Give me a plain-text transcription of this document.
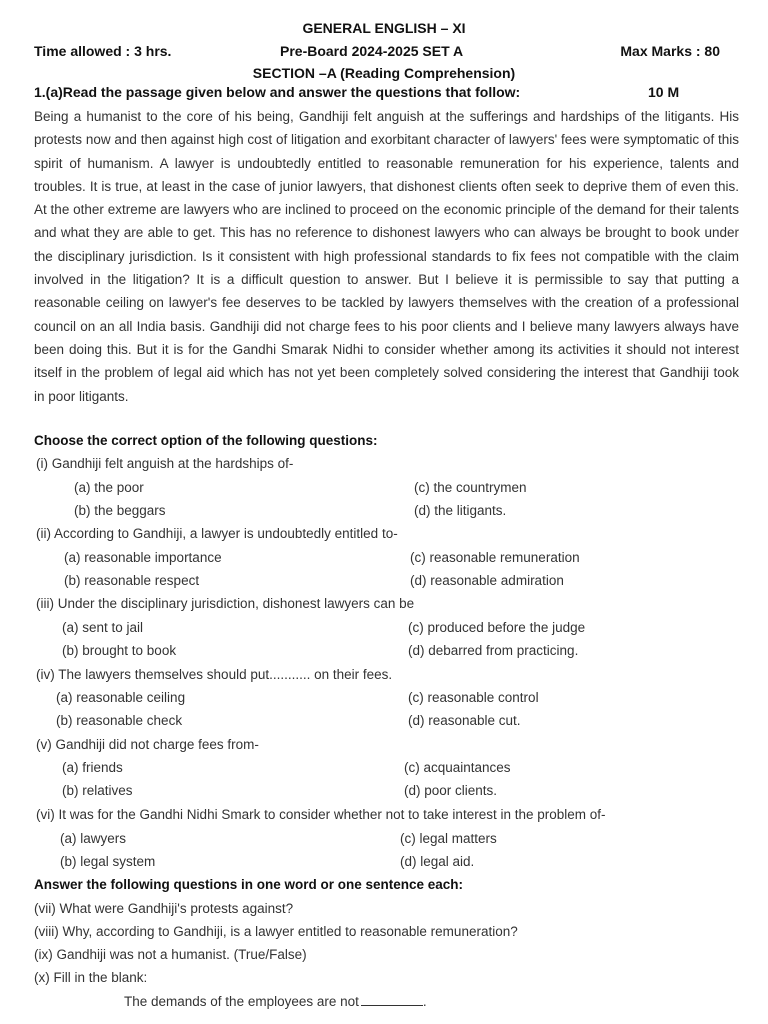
GENERAL ENGLISH – XI
Time allowed : 3 hrs.	Pre-Board 2024-2025 SET A	Max Marks : 80
SECTION –A (Reading Comprehension)
1.(a)Read the passage given below and answer the questions that follow:	10 M

Being a humanist to the core of his being, Gandhiji felt anguish at the sufferings and hardships of the litigants. His protests now and then against high cost of litigation and exorbitant character of lawyers' fees were symptomatic of this spirit of humanism. A lawyer is undoubtedly entitled to reasonable remuneration for his experience, talents and troubles. It is true, at least in the case of junior lawyers, that dishonest clients often seek to deprive them of even this. At the other extreme are lawyers who are inclined to proceed on the economic principle of the demand for their talents and what they are able to get. This has no reference to dishonest lawyers who can always be brought to book under the disciplinary jurisdiction. Is it consistent with high professional standards to fix fees not compatible with the claim involved in the litigation? It is a difficult question to answer. But I believe it is permissible to say that putting a reasonable ceiling on lawyer's fee deserves to be tackled by lawyers themselves with the creation of a professional council on an all India basis. Gandhiji did not charge fees to his poor clients and I believe many lawyers always have been doing this. But it is for the Gandhi Smarak Nidhi to consider whether among its activities it should not interest itself in the problem of legal aid which has not yet been completely solved considering the interest that Gandhiji took in poor litigants.

Choose the correct option of the following questions:
(i) Gandhiji felt anguish at the hardships of-
(a) the poor	(c) the countrymen
(b) the beggars	(d) the litigants.
(ii) According to Gandhiji, a lawyer is undoubtedly entitled to-
(a) reasonable importance	(c) reasonable remuneration
(b) reasonable respect	(d) reasonable admiration
(iii) Under the disciplinary jurisdiction, dishonest lawyers can be
(a) sent to jail	(c) produced before the judge
(b) brought to book	(d) debarred from practicing.
(iv) The lawyers themselves should put........... on their fees.
(a) reasonable ceiling	(c) reasonable control
(b) reasonable check	(d) reasonable cut.
(v) Gandhiji did not charge fees from-
(a) friends	(c) acquaintances
(b) relatives	(d) poor clients.
(vi) It was for the Gandhi Nidhi Smark to consider whether not to take interest in the problem of-
(a) lawyers	(c) legal matters
(b) legal system	(d) legal aid.
Answer the following questions in one word or one sentence each:
(vii) What were Gandhiji's protests against?
(viii) Why, according to Gandhiji, is a lawyer entitled to reasonable remuneration?
(ix) Gandhiji was not a humanist. (True/False)
(x) Fill in the blank:
The demands of the employees are not	.
